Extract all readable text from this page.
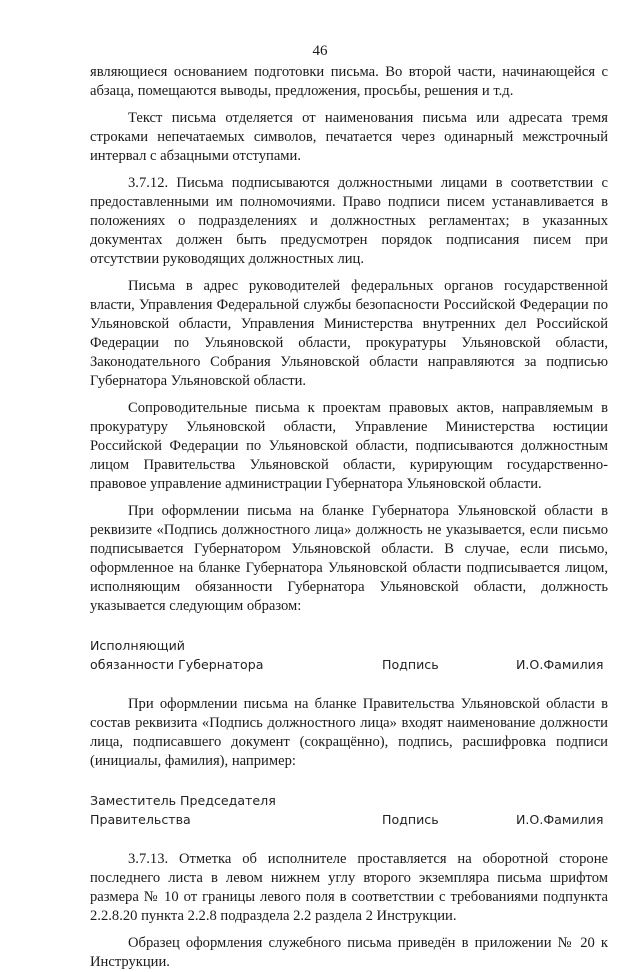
46

являющиеся основанием подготовки письма. Во второй части, начинающейся с абзаца, помещаются выводы, предложения, просьбы, решения и т.д.

Текст письма отделяется от наименования письма или адресата тремя строками непечатаемых символов, печатается через одинарный межстрочный интервал с абзацными отступами.

3.7.12. Письма подписываются должностными лицами в соответствии с предоставленными им полномочиями. Право подписи писем устанавливается в положениях о подразделениях и должностных регламентах; в указанных документах должен быть предусмотрен порядок подписания писем при отсутствии руководящих должностных лиц.

Письма в адрес руководителей федеральных органов государственной власти, Управления Федеральной службы безопасности Российской Федерации по Ульяновской области, Управления Министерства внутренних дел Российской Федерации по Ульяновской области, прокуратуры Ульяновской области, Законодательного Собрания Ульяновской области направляются за подписью Губернатора Ульяновской области.

Сопроводительные письма к проектам правовых актов, направляемым в прокуратуру Ульяновской области, Управление Министерства юстиции Российской Федерации по Ульяновской области, подписываются должностным лицом Правительства Ульяновской области, курирующим государственно-правовое управление администрации Губернатора Ульяновской области.

При оформлении письма на бланке Губернатора Ульяновской области в реквизите «Подпись должностного лица» должность не указывается, если письмо подписывается Губернатором Ульяновской области. В случае, если письмо, оформленное на бланке Губернатора Ульяновской области подписывается лицом, исполняющим обязанности Губернатора Ульяновской области, должность указывается следующим образом:

Исполняющий
обязанности Губернатора	Подпись	И.О.Фамилия

При оформлении письма на бланке Правительства Ульяновской области в состав реквизита «Подпись должностного лица» входят наименование должности лица, подписавшего документ (сокращённо), подпись, расшифровка подписи (инициалы, фамилия), например:

Заместитель Председателя
Правительства	Подпись	И.О.Фамилия

3.7.13. Отметка об исполнителе проставляется на оборотной стороне последнего листа в левом нижнем углу второго экземпляра письма шрифтом размера № 10 от границы левого поля в соответствии с требованиями подпункта 2.2.8.20 пункта 2.2.8 подраздела 2.2 раздела 2 Инструкции.

Образец оформления служебного письма приведён в приложении № 20 к Инструкции.
